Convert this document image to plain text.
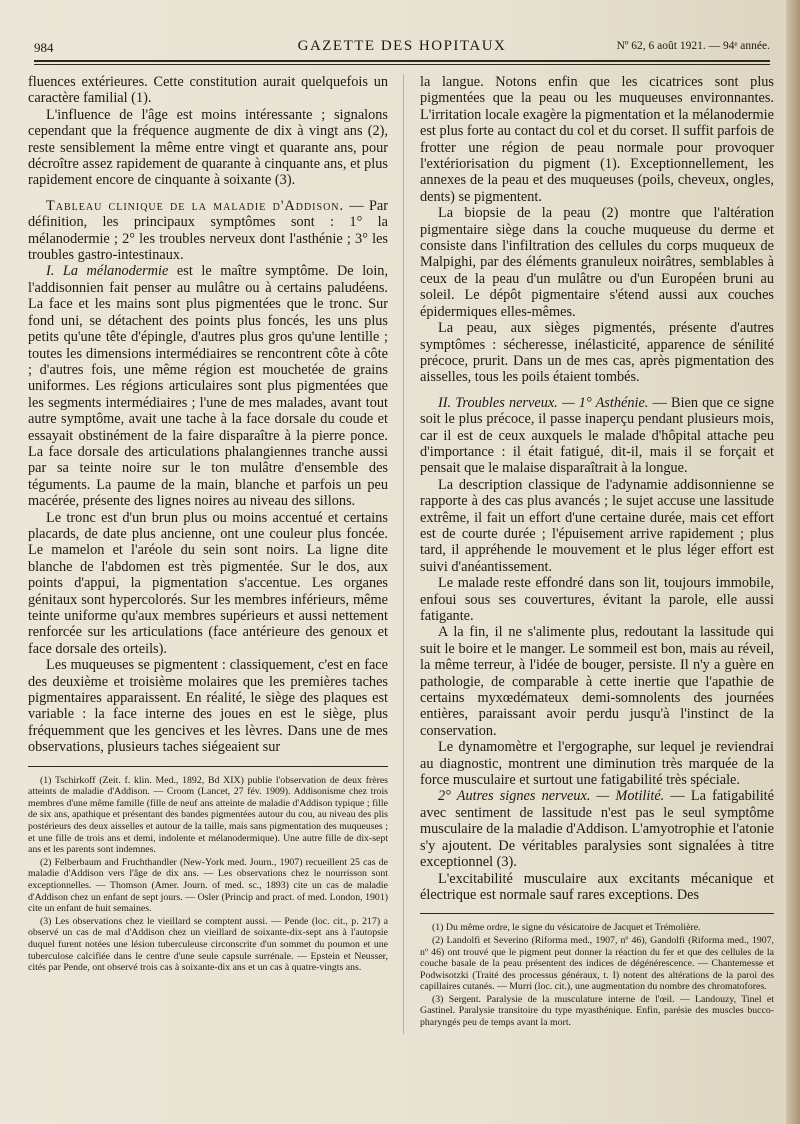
984	GAZETTE DES HOPITAUX	Nº 62, 6 août 1921. — 94ᵉ année.

fluences extérieures. Cette constitution aurait quelquefois un caractère familial (1).

L'influence de l'âge est moins intéressante ; signalons cependant que la fréquence augmente de dix à vingt ans (2), reste sensiblement la même entre vingt et quarante ans, pour décroître assez rapidement de quarante à cinquante ans, et plus rapidement encore de cinquante à soixante (3).

Tableau clinique de la maladie d'Addison. — Par définition, les principaux symptômes sont : 1° la mélanodermie ; 2° les troubles nerveux dont l'asthénie ; 3° les troubles gastro-intestinaux.

I. La mélanodermie est le maître symptôme. De loin, l'addisonnien fait penser au mulâtre ou à certains paludéens. La face et les mains sont plus pigmentées que le tronc. Sur fond uni, se détachent des points plus foncés, les uns plus petits qu'une tête d'épingle, d'autres plus gros qu'une lentille ; toutes les dimensions intermédiaires se rencontrent côte à côte ; d'autres fois, une même région est mouchetée de grains uniformes. Les régions articulaires sont plus pigmentées que les segments intermédiaires ; l'une de mes malades, avant tout autre symptôme, avait une tache à la face dorsale du coude et essayait obstinément de la faire disparaître à la pierre ponce. La face dorsale des articulations phalangiennes tranche aussi par sa teinte noire sur le ton mulâtre d'ensemble des téguments. La paume de la main, blanche et parfois un peu macérée, présente des lignes noires au niveau des sillons.

Le tronc est d'un brun plus ou moins accentué et certains placards, de date plus ancienne, ont une couleur plus foncée. Le mamelon et l'aréole du sein sont noirs. La ligne dite blanche de l'abdomen est très pigmentée. Sur le dos, aux points d'appui, la pigmentation s'accentue. Les organes génitaux sont hypercolorés. Sur les membres inférieurs, même teinte uniforme qu'aux membres supérieurs et aussi nettement renforcée sur les articulations (face antérieure des genoux et face dorsale des orteils).

Les muqueuses se pigmentent : classiquement, c'est en face des deuxième et troisième molaires que les premières taches pigmentaires apparaissent. En réalité, le siège des plaques est variable : la face interne des joues en est le siège, plus fréquemment que les gencives et les lèvres. Dans une de mes observations, plusieurs taches siégeaient sur

(1) Tschirkoff (Zeit. f. klin. Med., 1892, Bd XIX) publie l'observation de deux frères atteints de maladie d'Addison. — Croom (Lancet, 27 fév. 1909). Addisonisme chez trois membres d'une même famille (fille de neuf ans atteinte de maladie d'Addison typique ; fille de six ans, apathique et présentant des bandes pigmentées autour du cou, au niveau des plis postérieurs des deux aisselles et autour de la taille, mais sans pigmentation des muqueuses ; et une fille de trois ans et demi, indolente et mélanodermique). Une autre fille de dix-sept ans et les parents sont indemnes.

(2) Felberbaum and Fruchthandler (New-York med. Journ., 1907) recueillent 25 cas de maladie d'Addison vers l'âge de dix ans. — Les observations chez le nourrisson sont exceptionnelles. — Thomson (Amer. Journ. of med. sc., 1893) cite un cas de maladie d'Addison chez un enfant de sept jours. — Osler (Princip and pract. of med. London, 1901) cite un enfant de huit semaines.

(3) Les observations chez le vieillard se comptent aussi. — Pende (loc. cit., p. 217) a observé un cas de mal d'Addison chez un vieillard de soixante-dix-sept ans à l'autopsie duquel furent notées une lésion tuberculeuse circonscrite d'un sommet du poumon et une tuberculose calcifiée dans le centre d'une seule capsule surrénale. — Epstein et Neusser, cités par Pende, ont observé trois cas à soixante-dix ans et un cas à quatre-vingts ans.

la langue. Notons enfin que les cicatrices sont plus pigmentées que la peau ou les muqueuses environnantes. L'irritation locale exagère la pigmentation et la mélanodermie est plus forte au contact du col et du corset. Il suffit parfois de frotter une région de peau normale pour provoquer l'extériorisation du pigment (1). Exceptionnellement, les annexes de la peau et des muqueuses (poils, cheveux, ongles, dents) se pigmentent.

La biopsie de la peau (2) montre que l'altération pigmentaire siège dans la couche muqueuse du derme et consiste dans l'infiltration des cellules du corps muqueux de Malpighi, par des éléments granuleux noirâtres, semblables à ceux de la peau d'un mulâtre ou d'un Européen bruni au soleil. Le dépôt pigmentaire s'étend aussi aux couches épidermiques elles-mêmes.

La peau, aux sièges pigmentés, présente d'autres symptômes : sécheresse, inélasticité, apparence de sénilité précoce, prurit. Dans un de mes cas, après pigmentation des aisselles, tous les poils étaient tombés.

II. Troubles nerveux. — 1° Asthénie. — Bien que ce signe soit le plus précoce, il passe inaperçu pendant plusieurs mois, car il est de ceux auxquels le malade d'hôpital attache peu d'importance : il était fatigué, dit-il, mais il se forçait et pensait que le malaise disparaîtrait à la longue.

La description classique de l'adynamie addisonnienne se rapporte à des cas plus avancés ; le sujet accuse une lassitude extrême, il fait un effort d'une certaine durée, mais cet effort est de courte durée ; l'épuisement arrive rapidement ; plus tard, il appréhende le mouvement et le plus léger effort est suivi d'anéantissement.

Le malade reste effondré dans son lit, toujours immobile, enfoui sous ses couvertures, évitant la parole, elle aussi fatigante.

A la fin, il ne s'alimente plus, redoutant la lassitude qui suit le boire et le manger. Le sommeil est bon, mais au réveil, la même terreur, à l'idée de bouger, persiste. Il n'y a guère en pathologie, de comparable à cette inertie que l'apathie de certains myxœdémateux demi-somnolents des journées entières, paraissant avoir perdu jusqu'à l'instinct de la conservation.

Le dynamomètre et l'ergographe, sur lequel je reviendrai au diagnostic, montrent une diminution très marquée de la force musculaire et surtout une fatigabilité très spéciale.

2° Autres signes nerveux. — Motilité. — La fatigabilité avec sentiment de lassitude n'est pas le seul symptôme musculaire de la maladie d'Addison. L'amyotrophie et l'atonie s'y ajoutent. De véritables paralysies sont signalées à titre exceptionnel (3).

L'excitabilité musculaire aux excitants mécanique et électrique est normale sauf rares exceptions. Des

(1) Du même ordre, le signe du vésicatoire de Jacquet et Trémolière.

(2) Landolfi et Severino (Riforma med., 1907, nº 46), Gandolfi (Riforma med., 1907, nº 46) ont trouvé que le pigment peut donner la réaction du fer et que des cellules de la couche basale de la peau présentent des indices de dégénérescence. — Chantemesse et Podwisotzki (Traité des processus généraux, t. I) notent des altérations de la paroi des capillaires cutanés. — Murri (loc. cit.), une augmentation du nombre des chromatofores.

(3) Sergent. Paralysie de la musculature interne de l'œil. — Landouzy, Tinel et Gastinel. Paralysie transitoire du type myasthénique. Enfin, parésie des muscles bucco-pharyngés peu de temps avant la mort.
